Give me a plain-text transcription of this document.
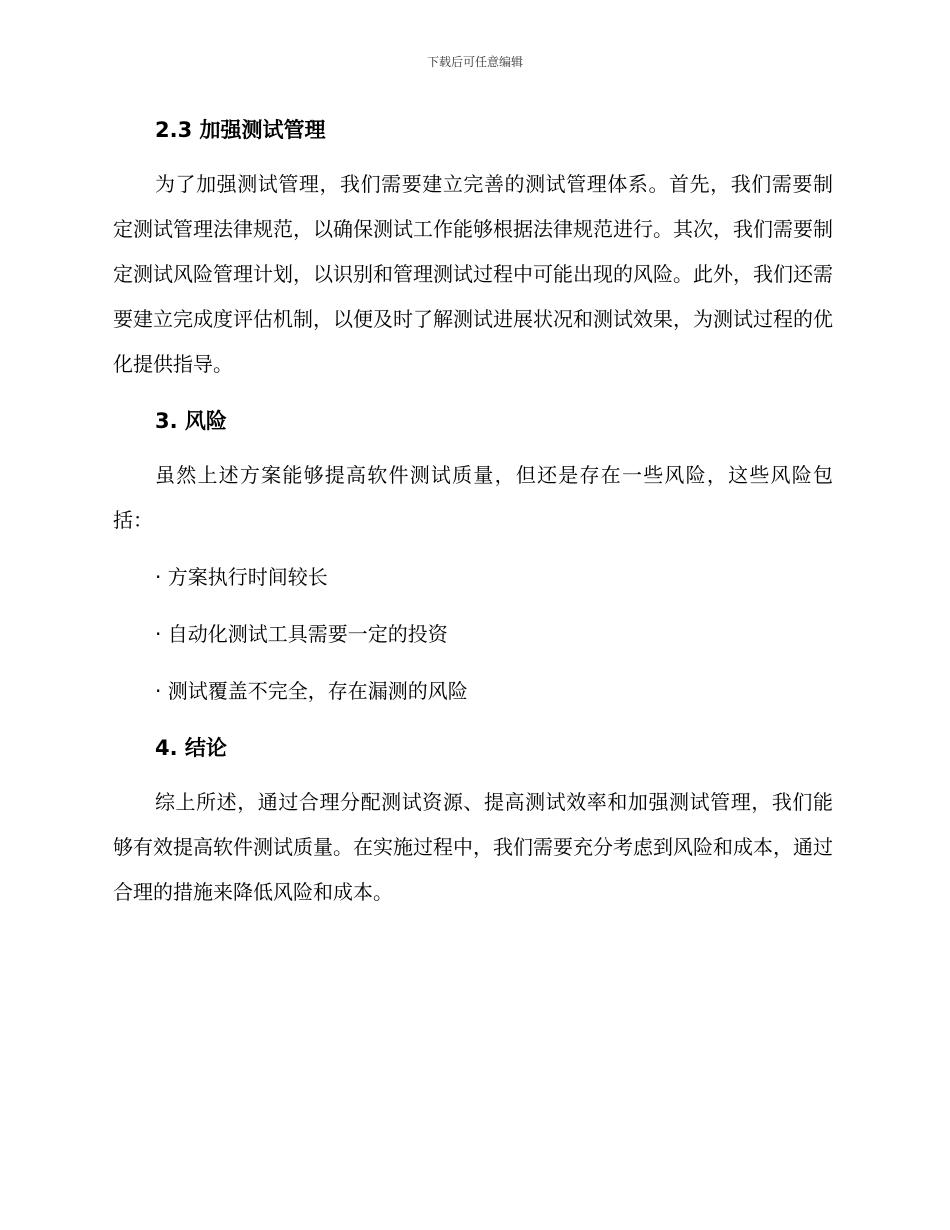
下载后可任意编辑
2.3 加强测试管理

为了加强测试管理，我们需要建立完善的测试管理体系。首先，我们需要制定测试管理法律规范，以确保测试工作能够根据法律规范进行。其次，我们需要制定测试风险管理计划，以识别和管理测试过程中可能出现的风险。此外，我们还需要建立完成度评估机制，以便及时了解测试进展状况和测试效果，为测试过程的优化提供指导。

3. 风险

虽然上述方案能够提高软件测试质量，但还是存在一些风险，这些风险包括：

· 方案执行时间较长
· 自动化测试工具需要一定的投资
· 测试覆盖不完全，存在漏测的风险
4. 结论

综上所述，通过合理分配测试资源、提高测试效率和加强测试管理，我们能够有效提高软件测试质量。在实施过程中，我们需要充分考虑到风险和成本，通过合理的措施来降低风险和成本。
